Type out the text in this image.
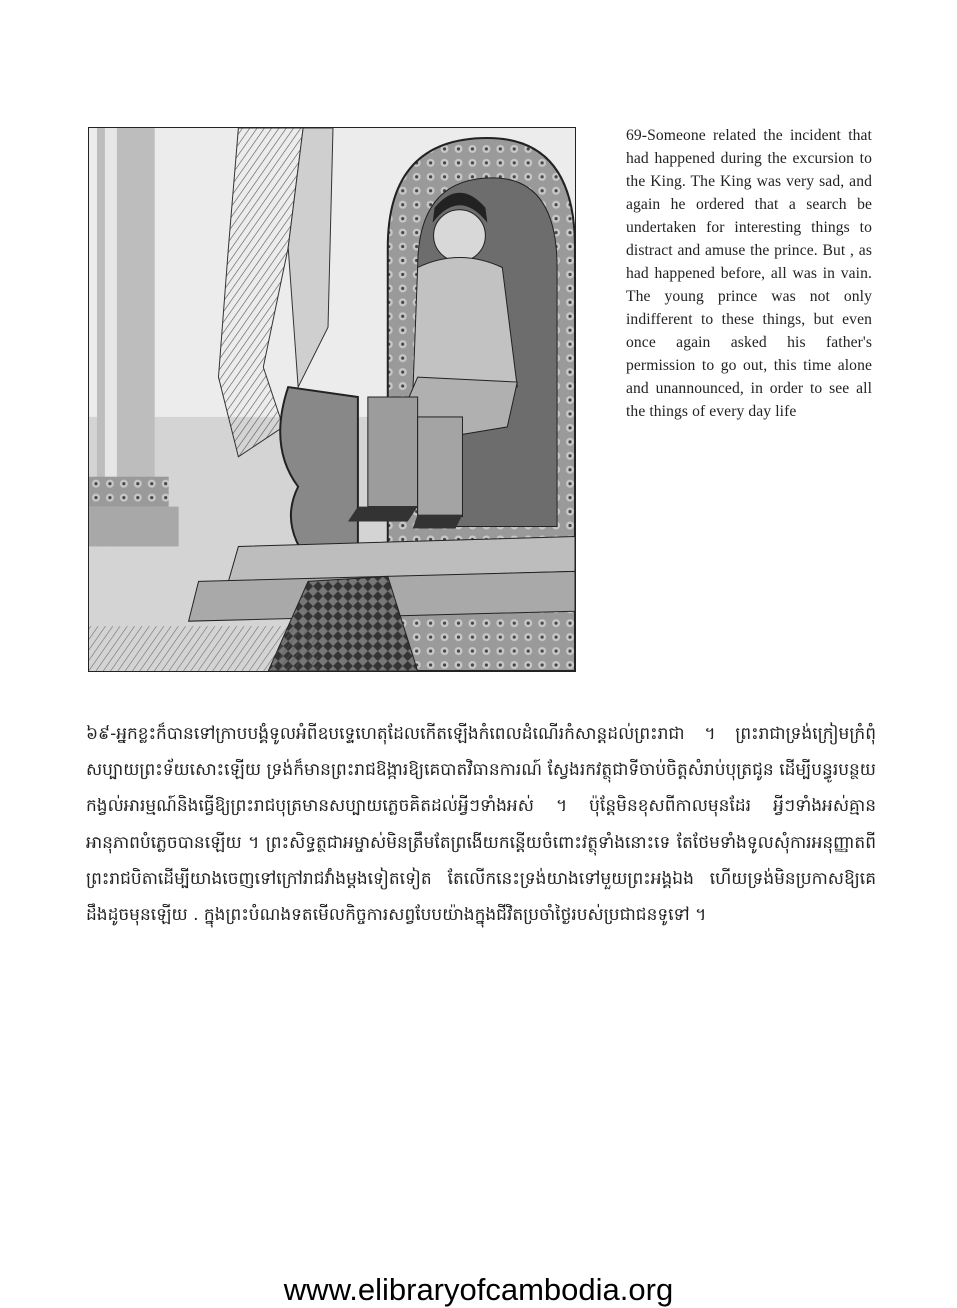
69-Someone related the incident that had happened during the excursion to the King. The King was very sad, and again he ordered that a search be undertaken for interesting things to distract and amuse the prince. But , as had happened before, all was in vain. The young prince was not only indifferent to these things, but even once again asked his father's permission to go out, this time alone and unannounced, in order to see all the things of every day life
៦៩-អ្នកខ្លះក៏បានទៅក្រាបបង្គំទូលអំពីឧបទ្ទេហេតុដែលកើតឡើងកំពេលដំណើរកំសាន្តដល់ព្រះរាជា ។ ព្រះរាជាទ្រង់ក្រៀមក្រំពុំសប្បាយព្រះទ័យសោះឡើយ ទ្រង់ក៏មានព្រះរាជឱង្ការឱ្យគេបាតវិធានការណ៍ ស្វែងរកវត្ថុជាទីចាប់ចិត្តសំរាប់បុត្រជូន ដើម្បីបន្ធូរបន្ថយកង្វល់អារម្មណ៍និងធ្វើឱ្យព្រះរាជបុត្រមានសប្បាយភ្លេចគិតដល់អ្វីៗទាំងអស់ ។ ប៉ុន្តែមិនខុសពីកាលមុនដែរ អ្វីៗទាំងអស់គ្មានអានុភាពបំភ្លេចបានឡើយ ។ ព្រះសិទ្ធត្ថជាអម្ចាស់មិនត្រឹមតែព្រងើយកន្តើយចំពោះវត្ថុទាំងនោះទេ តែថែមទាំងទូលសុំការអនុញ្ញាតពីព្រះរាជបិតាដើម្បីយាងចេញទៅក្រៅរាជវាំងម្តងទៀតទៀត តែលើកនេះទ្រង់យាងទៅមួយព្រះអង្គឯង ហើយទ្រង់មិនប្រកាសឱ្យគេដឹងដូចមុនឡើយ . ក្នុងព្រះបំណងទតមើលកិច្ចការសព្វបែបយ៉ាងក្នុងជីវិតប្រចាំថ្ងៃរបស់ប្រជាជនទូទៅ ។
www.elibraryofcambodia.org
